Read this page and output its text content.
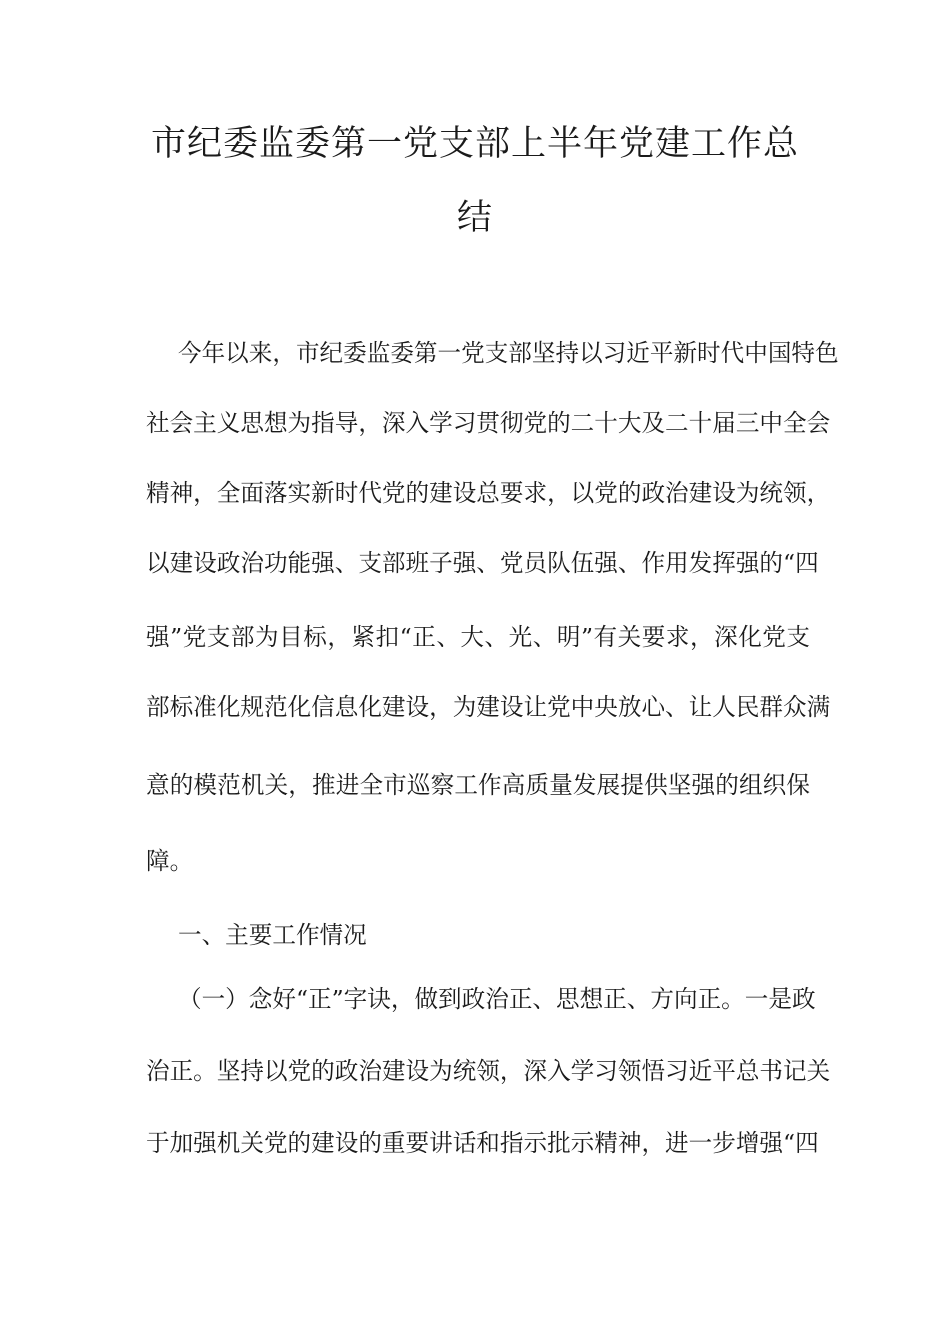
市纪委监委第一党支部上半年党建工作总
结
今年以来，市纪委监委第一党支部坚持以习近平新时代中国特色
社会主义思想为指导，深入学习贯彻党的二十大及二十届三中全会
精神，全面落实新时代党的建设总要求，以党的政治建设为统领，
以建设政治功能强、支部班子强、党员队伍强、作用发挥强的“四
强”党支部为目标，紧扣“正、大、光、明”有关要求，深化党支
部标准化规范化信息化建设，为建设让党中央放心、让人民群众满
意的模范机关，推进全市巡察工作高质量发展提供坚强的组织保
障。
一、主要工作情况
（一）念好“正”字诀，做到政治正、思想正、方向正。一是政
治正。坚持以党的政治建设为统领，深入学习领悟习近平总书记关
于加强机关党的建设的重要讲话和指示批示精神，进一步增强“四
